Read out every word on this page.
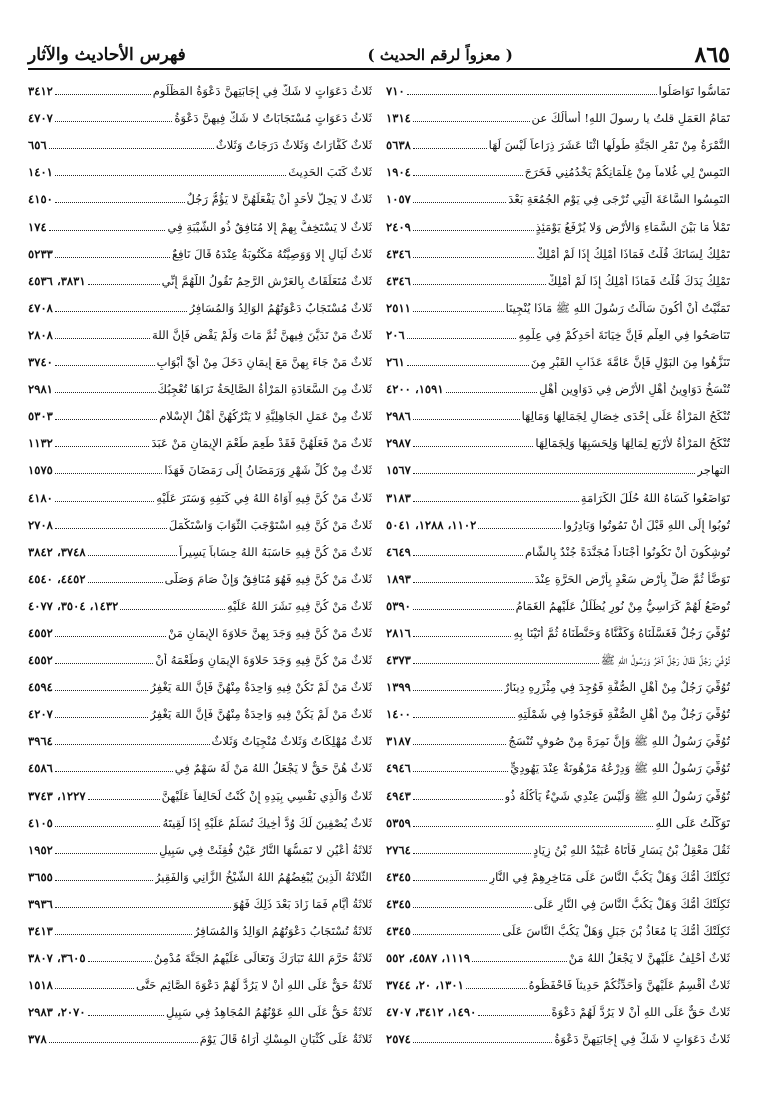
٨٦٥
( معزواً لرقم الحديث )
فهرس الأحاديث والآثار
تَمَاسُّوا تَوَاصَلُوا
٧١٠
تَمَامُ العَمَلِ قلتُ يا رسولَ اللهِ! أَسأَلُكَ عن
١٣١٤
التَّمْرَةُ مِنْ تَمْرِ الجَنَّةِ طُولُها اثْنَا عَشَرَ ذِرَاعاً لَيْسَ لَهَا
٥٦٣٨
التَمِسْ لِي غُلاماً مِنْ غِلْمَانِكُمْ يَخْدُمُنِي فَخَرَجَ
١٩٠٤
التَمِسُوا السَّاعَةَ الَّتِي تُرْجَى فِي يَوْمِ الجُمُعَةِ بَعْدَ
١٠٥٧
تَمْلأُ مَا بَيْنَ السَّمَاءِ وَالأَرْضِ وَلا يُرْفَعُ يَوْمَئِذٍ
٢٤٠٩
تَمْلِكُ لِسَانَكَ قُلْتُ فَمَاذَا أَمْلِكُ إِذَا لَمْ أَمْلِكْ
٤٣٤٦
تَمْلِكُ يَدَكَ قُلْتُ فَمَاذَا أَمْلِكُ إِذَا لَمْ أَمْلِكْ
٤٣٤٦
تَمَنَّيْتُ أَنْ أَكُونَ سَأَلْتُ رَسُولَ اللهِ ﷺ مَاذَا يُنْجِينَا
٢٥١١
تَنَاصَحُوا فِي العِلْمِ فَإِنَّ خِيَانَةَ أَحَدِكُمْ فِي عِلْمِهِ
٢٠٦
تَنَزَّهُوا مِنَ البَوْلِ فَإِنَّ عَامَّةَ عَذَابِ القَبْرِ مِنَ
٢٦١
تُنْسَخُ دَوَاوِينُ أَهْلِ الأَرْضِ فِي دَوَاوِينِ أَهْلِ
١٥٩١، ٤٢٠٠
تُنْكَحُ المَرْأَةُ عَلَى إِحْدَى خِصَالٍ لِجَمَالِهَا وَمَالِهَا
٢٩٨٦
تُنْكَحُ المَرْأَةُ لأَرْبَعٍ لِمَالِهَا وَلِحَسَبِهَا وَلِجَمَالِهَا
٢٩٨٧
التهاجر
١٥٦٧
تَوَاضَعُوا كَسَاهُ اللهُ حُلَلَ الكَرَامَةِ
٣١٨٣
تُوبُوا إِلَى اللهِ قَبْلَ أَنْ تَمُوتُوا وَبَادِرُوا
١١٠٢، ١٢٨٨، ٥٠٤١
تُوشِكُونَ أَنْ تَكُونُوا أَجْنَاداً مُجَنَّدَةً جُنْدٌ بِالشَّامِ
٤٦٤٩
تَوَضَّأْ ثُمَّ صَلِّ بِأَرْضِ سَعْدٍ بِأَرْضِ الحَرَّةِ عِنْدَ
١٨٩٣
تُوضَعُ لَهُمْ كَرَاسِيُّ مِنْ نُورٍ يُظَلِّلُ عَلَيْهِمُ الغَمَامُ
٥٣٩٠
تُوُفِّيَ رَجُلٌ فَغَسَّلْنَاهُ وَكَفَّنَّاهُ وَحَنَّطْنَاهُ ثُمَّ أَتَيْنَا بِهِ
٢٨١٦
تُوُفِّيَ رَجُلٌ فَقَالَ رَجُلٌ آخَرُ وَرَسُولُ اللهِ ﷺ
٤٣٧٣
تُوُفِّيَ رَجُلٌ مِنْ أَهْلِ الصُّفَّةِ فَوُجِدَ فِي مِئْزَرِهِ دِينَارٌ
١٣٩٩
تُوُفِّيَ رَجُلٌ مِنْ أَهْلِ الصُّفَّةِ فَوَجَدُوا فِي شَمْلَتِهِ
١٤٠٠
تُوُفِّيَ رَسُولُ اللهِ ﷺ وَإِنَّ نَمِرَةً مِنْ صُوفٍ تُنْسَجُ
٣١٨٧
تُوُفِّيَ رَسُولُ اللهِ ﷺ وَدِرْعُهُ مَرْهُونَةٌ عِنْدَ يَهُودِيٍّ
٤٩٤٦
تُوُفِّيَ رَسُولُ اللهِ ﷺ وَلَيْسَ عِنْدِي شَيْءٌ يَأْكُلُهُ ذُو
٤٩٤٣
تَوَكَّلْتُ عَلَى اللهِ
٥٣٥٩
ثَقُلَ مَعْقِلُ بْنُ يَسَارٍ فَأَتَاهُ عُبَيْدُ اللهِ بْنُ زِيَادٍ
٢٧٦٤
ثَكِلَتْكَ أُمُّكَ وَهَلْ يَكُبُّ النَّاسَ عَلَى مَنَاخِرِهِمْ فِي النَّارِ
٤٣٤٥
ثَكِلَتْكَ أُمُّكَ وَهَلْ يَكُبُّ النَّاسَ فِي النَّارِ عَلَى
٤٣٤٥
ثَكِلَتْكَ أُمُّكَ يَا مُعَاذُ بْنَ جَبَلٍ وَهَلْ يَكُبُّ النَّاسَ عَلَى
٤٣٤٥
ثَلاثٌ أَحْلِفُ عَلَيْهِنَّ لا يَجْعَلُ اللهُ مَنْ
١١١٩، ٤٥٨٧، ٥٥٢
ثَلاثٌ أُقْسِمُ عَلَيْهِنَّ وَأُحَدِّثُكُمْ حَدِيثاً فَاحْفَظُوهُ
١٣٠١، ٢٠، ٣٧٤٤
ثَلاثٌ حَقٌّ عَلَى اللهِ أَنْ لا يَرُدَّ لَهُمْ دَعْوَةً
١٤٩٠، ٣٤١٢، ٤٧٠٧
ثَلاثُ دَعَوَاتٍ لا شَكَّ فِي إِجَابَتِهِنَّ دَعْوَةُ
٢٥٧٤
ثَلاثُ دَعَوَاتٍ لا شَكَّ فِي إِجَابَتِهِنَّ دَعْوَةُ المَظْلُومِ
٣٤١٢
ثَلاثُ دَعَوَاتٍ مُسْتَجَابَاتٌ لا شَكَّ فِيهِنَّ دَعْوَةُ
٤٧٠٧
ثَلاثٌ كَفَّارَاتٌ وَثَلاثٌ دَرَجَاتٌ وَثَلاثٌ
٦٥٦
ثَلاثٌ كَتَبَ الحَدِيثَ
١٤٠١
ثَلاثٌ لا يَحِلُّ لأَحَدٍ أَنْ يَفْعَلَهُنَّ لا يَؤُمُّ رَجُلٌ
٤١٥٠
ثَلاثٌ لا يَسْتَخِفُّ بِهِمْ إِلا مُنَافِقٌ ذُو الشَّيْبَةِ فِي
١٧٤
ثَلاثُ لَيَالٍ إِلا وَوَصِيَّتُهُ مَكْتُوبَةٌ عِنْدَهُ قَالَ نَافِعٌ
٥٢٣٣
ثَلاثٌ مُتَعَلِّقَاتٌ بِالعَرْشِ الرَّحِمُ تَقُولُ اللَّهُمَّ إِنِّي
٣٨٣١، ٤٥٣٦
ثَلاثٌ مُسْتَجَابٌ دَعْوَتُهُمُ الوَالِدُ وَالمُسَافِرُ
٤٧٠٨
ثَلاثٌ مَنْ تَدَيَّنَ فِيهِنَّ ثُمَّ مَاتَ وَلَمْ يَقْضِ فَإِنَّ اللهَ
٢٨٠٨
ثَلاثٌ مَنْ جَاءَ بِهِنَّ مَعَ إِيمَانٍ دَخَلَ مِنْ أَيِّ أَبْوَابِ
٣٧٤٠
ثَلاثٌ مِنَ السَّعَادَةِ المَرْأَةُ الصَّالِحَةُ تَرَاهَا تُعْجِبُكَ
٢٩٨١
ثَلاثٌ مِنْ عَمَلِ الجَاهِلِيَّةِ لا يَتْرُكُهُنَّ أَهْلُ الإِسْلامِ
٥٣٠٣
ثَلاثٌ مَنْ فَعَلَهُنَّ فَقَدْ طَعِمَ طَعْمَ الإِيمَانِ مَنْ عَبَدَ
١١٣٢
ثَلاثٌ مِنْ كُلِّ شَهْرٍ وَرَمَضَانُ إِلَى رَمَضَانَ فَهَذَا
١٥٧٥
ثَلاثٌ مَنْ كُنَّ فِيهِ آوَاهُ اللهُ فِي كَنَفِهِ وَسَتَرَ عَلَيْهِ
٤١٨٠
ثَلاثٌ مَنْ كُنَّ فِيهِ اسْتَوْجَبَ الثَّوَابَ وَاسْتَكْمَلَ
٢٧٠٨
ثَلاثٌ مَنْ كُنَّ فِيهِ حَاسَبَهُ اللهُ حِسَاباً يَسِيراً
٣٧٤٨، ٣٨٤٢
ثَلاثٌ مَنْ كُنَّ فِيهِ فَهُوَ مُنَافِقٌ وَإِنْ صَامَ وَصَلَّى
٤٤٥٢، ٤٥٤٠
ثَلاثٌ مَنْ كُنَّ فِيهِ نَشَرَ اللهُ عَلَيْهِ
١٤٣٢، ٣٥٠٤، ٤٠٧٧
ثَلاثٌ مَنْ كُنَّ فِيهِ وَجَدَ بِهِنَّ حَلاوَةَ الإِيمَانِ مَنْ
٤٥٥٢
ثَلاثٌ مَنْ كُنَّ فِيهِ وَجَدَ حَلاوَةَ الإِيمَانِ وَطَعْمَهُ أَنْ
٤٥٥٢
ثَلاثٌ مَنْ لَمْ تَكُنْ فِيهِ وَاحِدَةٌ مِنْهُنَّ فَإِنَّ اللهَ يَغْفِرُ
٤٥٩٤
ثَلاثٌ مَنْ لَمْ يَكُنْ فِيهِ وَاحِدَةٌ مِنْهُنَّ فَإِنَّ اللهَ يَغْفِرُ
٤٢٠٧
ثَلاثٌ مُهْلِكَاتٌ وَثَلاثٌ مُنْجِيَاتٌ وَثَلاثٌ
٣٩٦٤
ثَلاثٌ هُنَّ حَقٌّ لا يَجْعَلُ اللهُ مَنْ لَهُ سَهْمٌ فِي
٤٥٨٦
ثَلاثٌ وَالَّذِي نَفْسِي بِيَدِهِ إِنْ كُنْتُ لَحَالِفاً عَلَيْهِنَّ
١٢٢٧، ٣٧٤٣
ثَلاثٌ يُصْفِينَ لَكَ وُدَّ أَخِيكَ تُسَلِّمُ عَلَيْهِ إِذَا لَقِيتَهُ
٤١٠٥
ثَلاثَةُ أَعْيُنٍ لا تَمَسُّهَا النَّارُ عَيْنٌ فُقِئَتْ فِي سَبِيلِ
١٩٥٢
الثَّلاثَةُ الَّذِينَ يُبْغِضُهُمُ اللهُ الشَّيْخُ الزَّانِي وَالفَقِيرُ
٣٦٥٥
ثَلاثَةُ أَيَّامٍ فَمَا زَادَ بَعْدَ ذَلِكَ فَهُوَ
٣٩٣٦
ثَلاثَةٌ تُسْتَجَابُ دَعْوَتُهُمُ الوَالِدُ وَالمُسَافِرُ
٣٤١٣
ثَلاثَةٌ حَرَّمَ اللهُ تَبَارَكَ وَتَعَالَى عَلَيْهِمُ الجَنَّةَ مُدْمِنُ
٣٦٠٥، ٣٨٠٧
ثَلاثَةٌ حَقٌّ عَلَى اللهِ أَنْ لا يَرُدَّ لَهُمْ دَعْوَةَ الصَّائِمِ حَتَّى
١٥١٨
ثَلاثَةٌ حَقٌّ عَلَى اللهِ عَوْنُهُمُ المُجَاهِدُ فِي سَبِيلِ
٢٠٧٠، ٢٩٨٣
ثَلاثَةٌ عَلَى كُثْبَانِ المِسْكِ أُرَاهُ قَالَ يَوْمَ
٣٧٨
